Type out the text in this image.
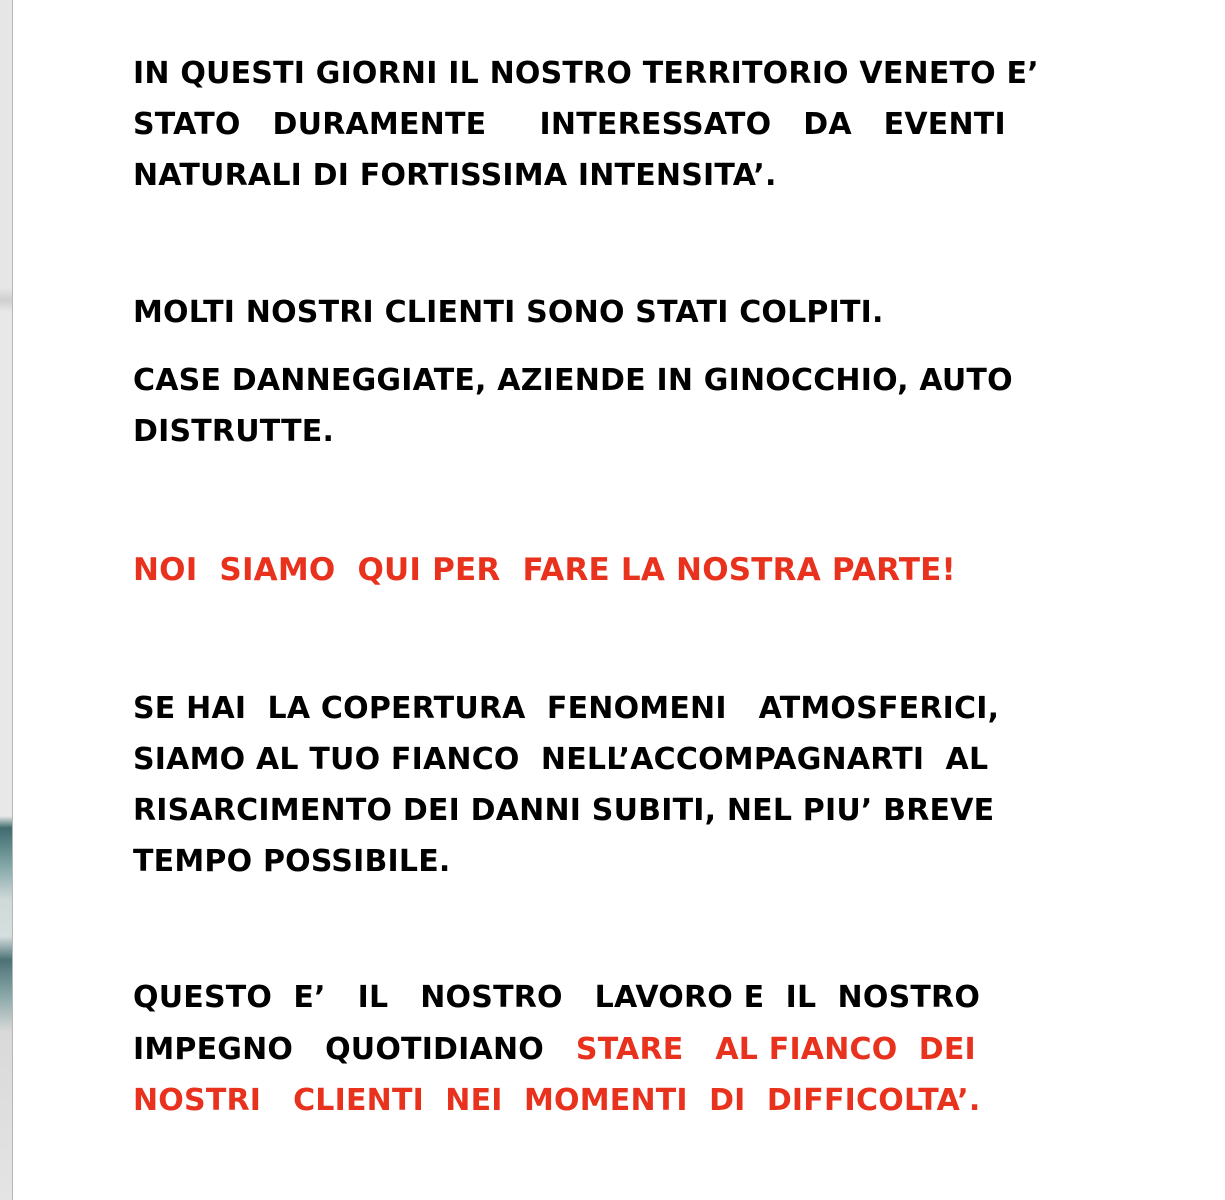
IN QUESTI GIORNI IL NOSTRO TERRITORIO VENETO E’
STATO   DURAMENTE     INTERESSATO   DA   EVENTI
NATURALI DI FORTISSIMA INTENSITA’.
MOLTI NOSTRI CLIENTI SONO STATI COLPITI.
CASE DANNEGGIATE, AZIENDE IN GINOCCHIO, AUTO
DISTRUTTE.
NOI  SIAMO  QUI PER  FARE LA NOSTRA PARTE!
SE HAI  LA COPERTURA  FENOMENI   ATMOSFERICI,
SIAMO AL TUO FIANCO  NELL’ACCOMPAGNARTI  AL
RISARCIMENTO DEI DANNI SUBITI, NEL PIU’ BREVE
TEMPO POSSIBILE.
QUESTO  E’   IL   NOSTRO   LAVORO E  IL  NOSTRO
IMPEGNO   QUOTIDIANO   STARE   AL FIANCO  DEI
NOSTRI   CLIENTI  NEI  MOMENTI  DI  DIFFICOLTA’.
